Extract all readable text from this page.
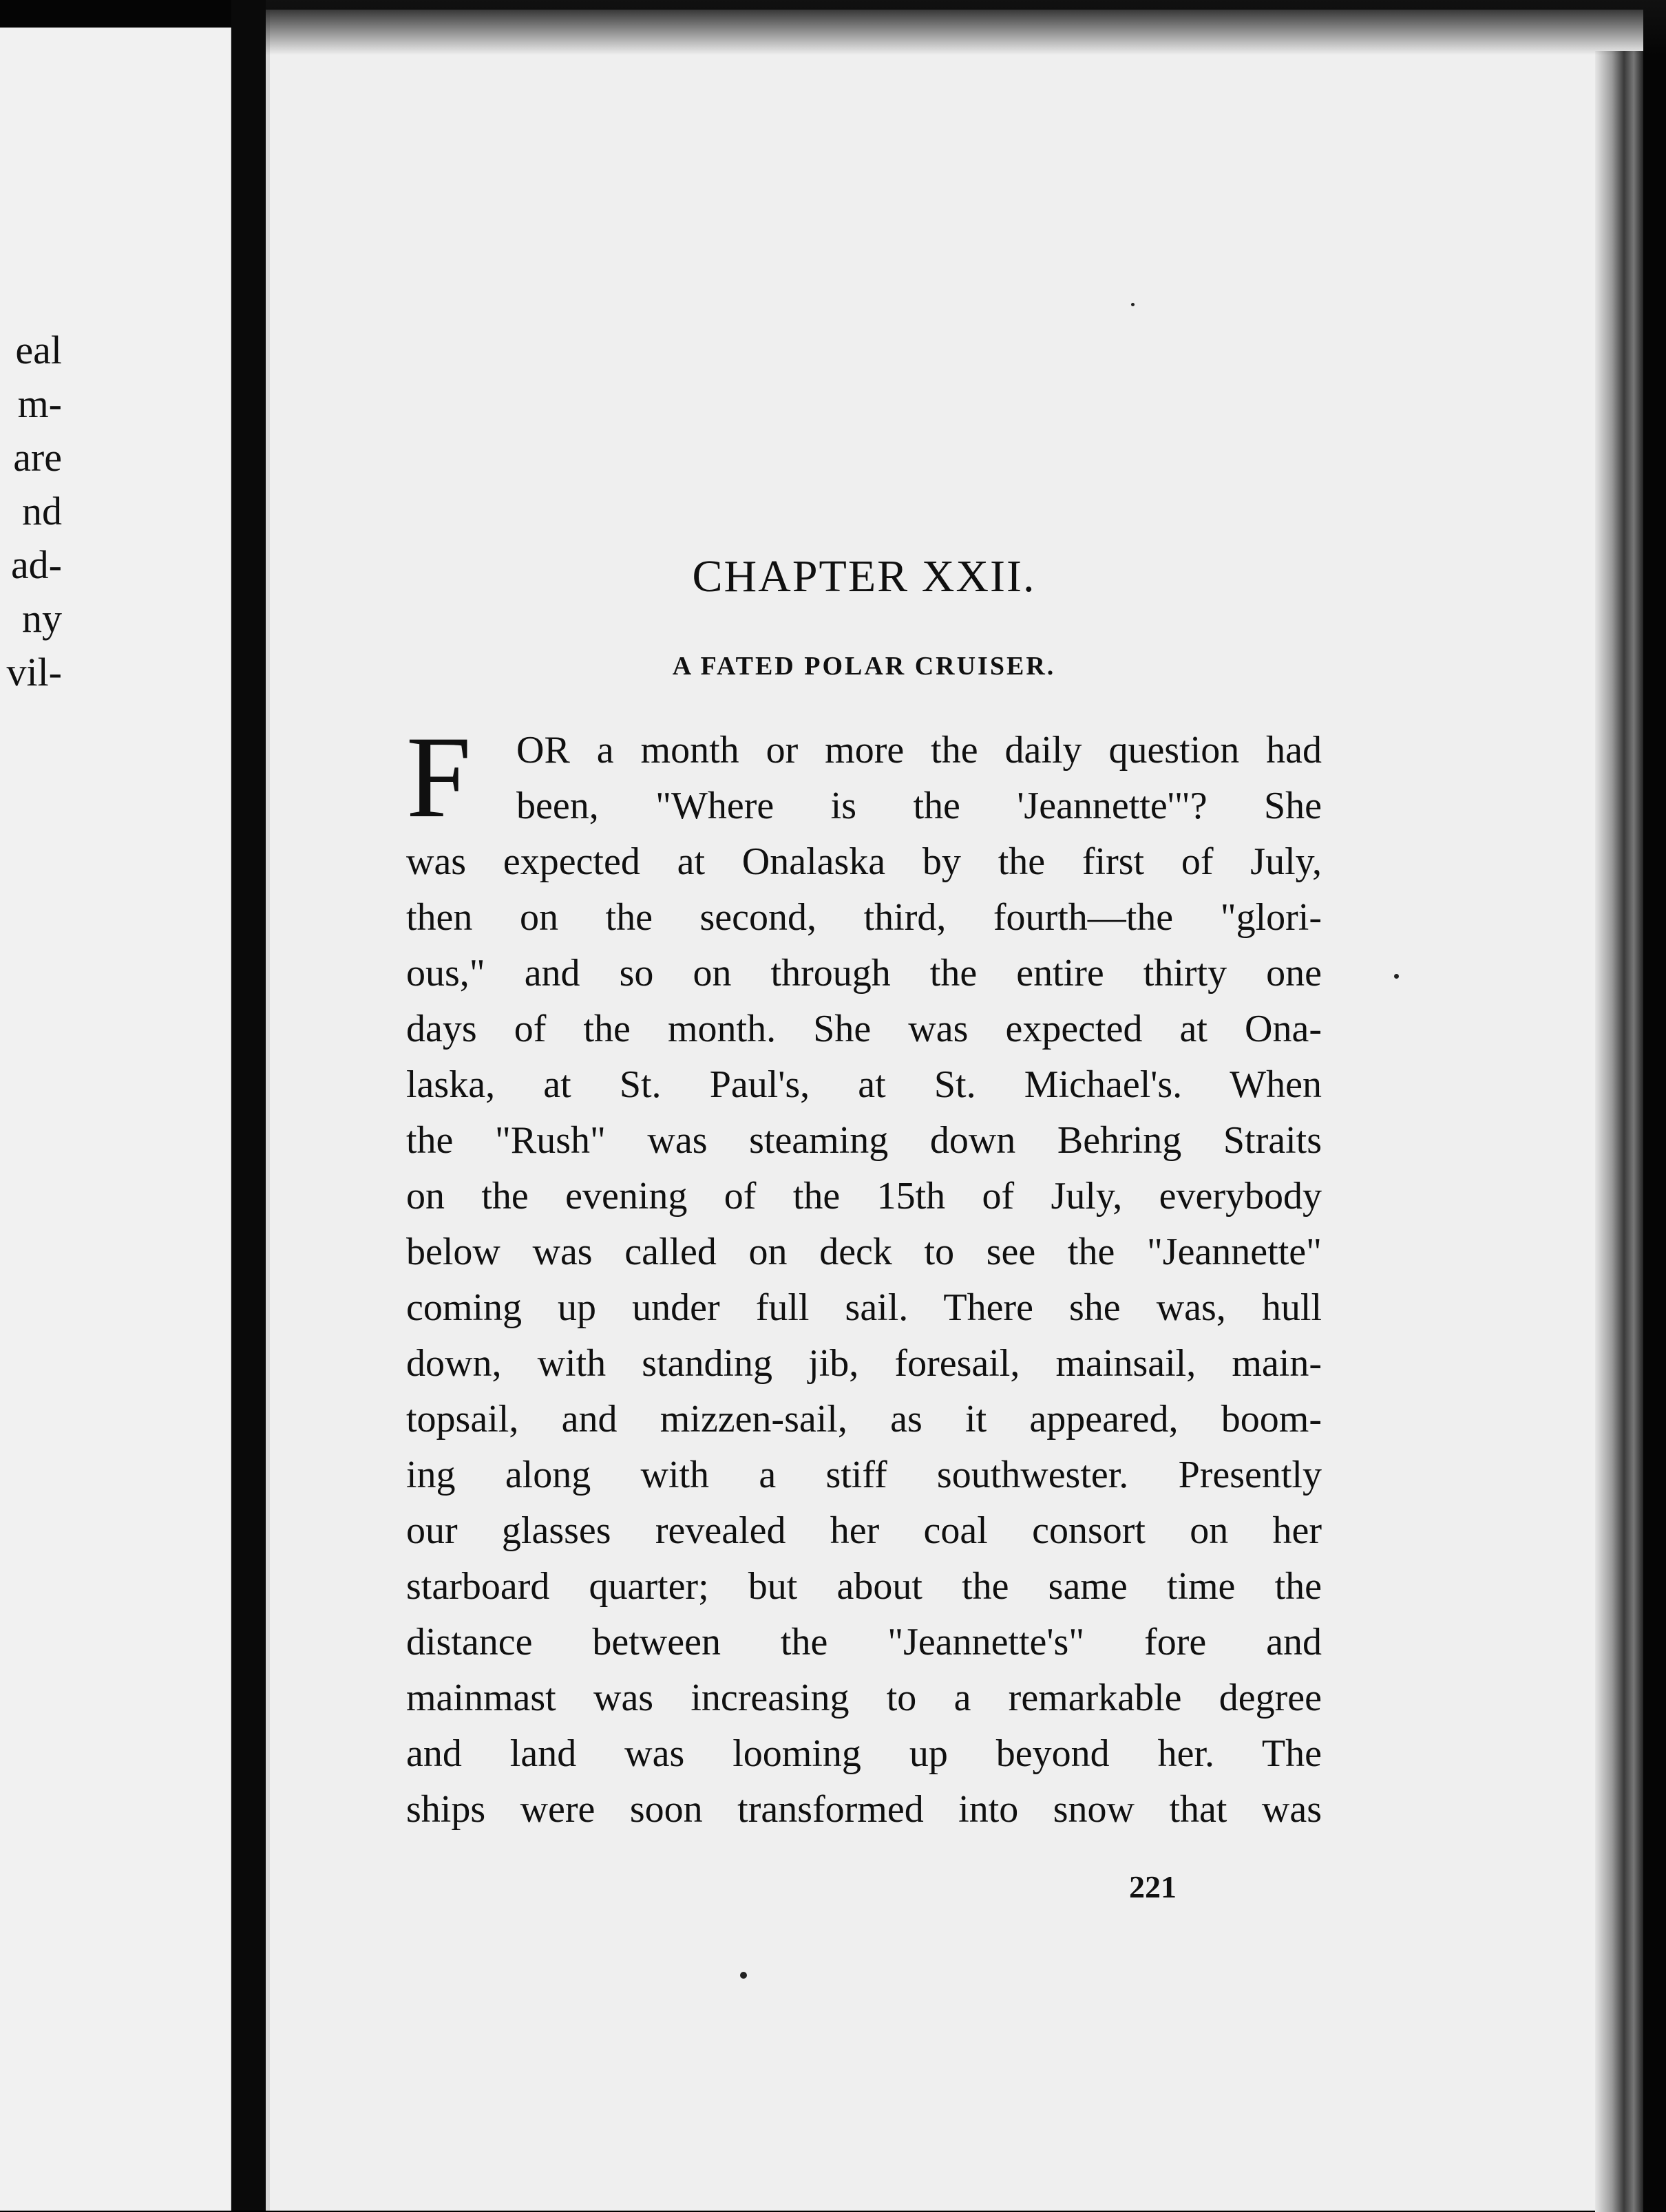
eal
m-
are
nd
ad-
ny
vil-
CHAPTER XXII.
A FATED POLAR CRUISER.
F	OR a month or more the daily question had
been, "Where is the 'Jeannette'"? She
was expected at Onalaska by the first of July,
then on the second, third, fourth—the "glori-
ous," and so on through the entire thirty one
days of the month. She was expected at Ona-
laska, at St. Paul's, at St. Michael's. When
the "Rush" was steaming down Behring Straits
on the evening of the 15th of July, everybody
below was called on deck to see the "Jeannette"
coming up under full sail. There she was, hull
down, with standing jib, foresail, mainsail, main-
topsail, and mizzen-sail, as it appeared, boom-
ing along with a stiff southwester. Presently
our glasses revealed her coal consort on her
starboard quarter; but about the same time the
distance between the "Jeannette's" fore and
mainmast was increasing to a remarkable degree
and land was looming up beyond her. The
ships were soon transformed into snow that was
221
